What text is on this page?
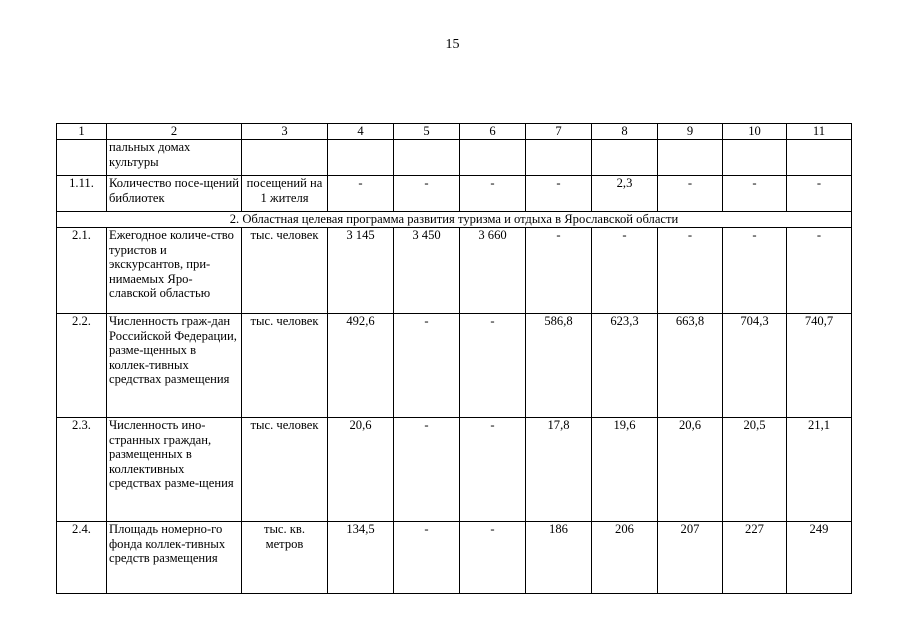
15
1	2	3	4	5	6	7	8	9	10	11
	пальных домах культуры									
1.11.	Количество посе-щений библиотек	посещений на 1 жителя	-	-	-	-	2,3	-	-	-
2. Областная целевая программа развития туризма и отдыха в Ярославской области										
2.1.	Ежегодное количе-ство туристов и экскурсантов, при-нимаемых Яро-славской областью	тыс. человек	3 145	3 450	3 660	-	-	-	-	-
2.2.	Численность граж-дан Российской Федерации, разме-щенных в коллек-тивных средствах размещения	тыс. человек	492,6	-	-	586,8	623,3	663,8	704,3	740,7
2.3.	Численность ино-странных граждан, размещенных в коллективных средствах разме-щения	тыс. человек	20,6	-	-	17,8	19,6	20,6	20,5	21,1
2.4.	Площадь номерно-го фонда коллек-тивных средств размещения	тыс. кв. метров	134,5	-	-	186	206	207	227	249
